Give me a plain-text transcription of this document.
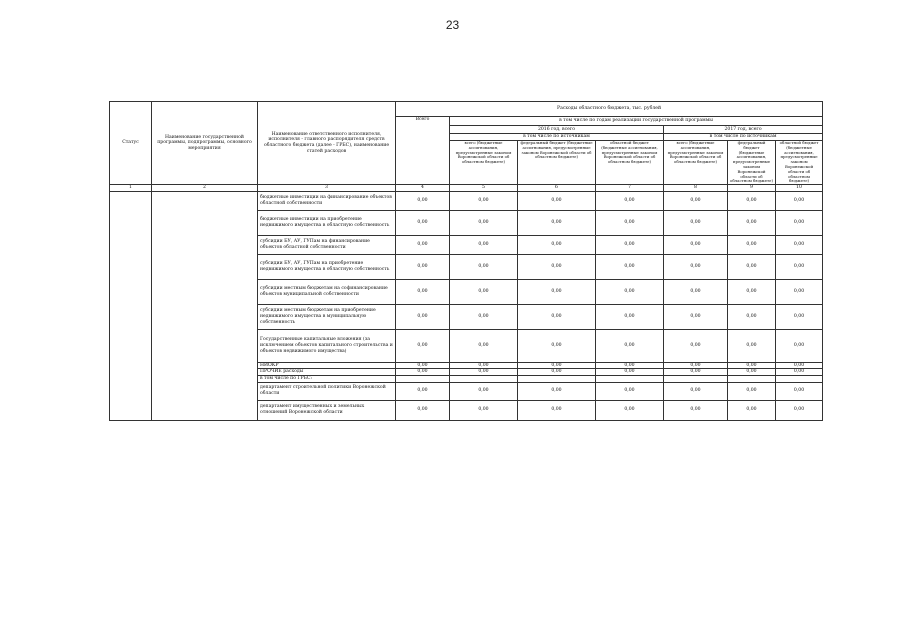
23
Статус	Наименование государственной программы, подпрограммы, основного мероприятия	Наименование ответственного исполнителя, исполнителя - главного распорядителя средств областного бюджета (далее - ГРБС), наименование статей расходов	Расходы областного бюджета, тыс. рублей						
			Всего	в том числе по годам реализации государственной программы					
				2016 год, всего			2017 год, всего		
				в том числе по источникам			в том числе по источникам		
				всего (бюджетные ассигнования, предусмотренные законом Воронежской области об областном бюджете)	федеральный бюджет (бюджетные ассигнования, предусмотренные законом Воронежской области об областном бюджете)	областной бюджет (бюджетные ассигнования, предусмотренные законом Воронежской области об областном бюджете)	всего (бюджетные ассигнования, предусмотренные законом Воронежской области об областном бюджете)	федеральный бюджет (бюджетные ассигнования, предусмотренные законом Воронежской области об областном бюджете)	областной бюджет (бюджетные ассигнования, предусмотренные законом Воронежской области об областном бюджете)
1	2	3	4	5	6	7	8	9	10
		бюджетные инвестиции на финансирование объектов областной собственности	0,00	0,00	0,00	0,00	0,00	0,00	0,00
		бюджетные инвестиции на приобретение недвижимого имущества в областную собственность	0,00	0,00	0,00	0,00	0,00	0,00	0,00
		субсидии БУ, АУ, ГУПам на финансирование объектов областной собственности	0,00	0,00	0,00	0,00	0,00	0,00	0,00
		субсидии БУ, АУ, ГУПам на приобретение недвижимого имущества в областную собственность	0,00	0,00	0,00	0,00	0,00	0,00	0,00
		субсидии местным бюджетам на софинансирование объектов муниципальной собственности	0,00	0,00	0,00	0,00	0,00	0,00	0,00
		субсидии местным бюджетам на приобретение недвижимого имущества в муниципальную собственность	0,00	0,00	0,00	0,00	0,00	0,00	0,00
		Государственные капитальные вложения (за исключением объектов капитального строительства и объектов недвижимого имущества)	0,00	0,00	0,00	0,00	0,00	0,00	0,00
		НИОКР	0,00	0,00	0,00	0,00	0,00	0,00	0,00
		ПРОЧИЕ расходы	0,00	0,00	0,00	0,00	0,00	0,00	0,00
		в том числе по ГРБС:							
		департамент строительной политики Воронежской области	0,00	0,00	0,00	0,00	0,00	0,00	0,00
		департамент имущественных и земельных отношений Воронежской области	0,00	0,00	0,00	0,00	0,00	0,00	0,00
